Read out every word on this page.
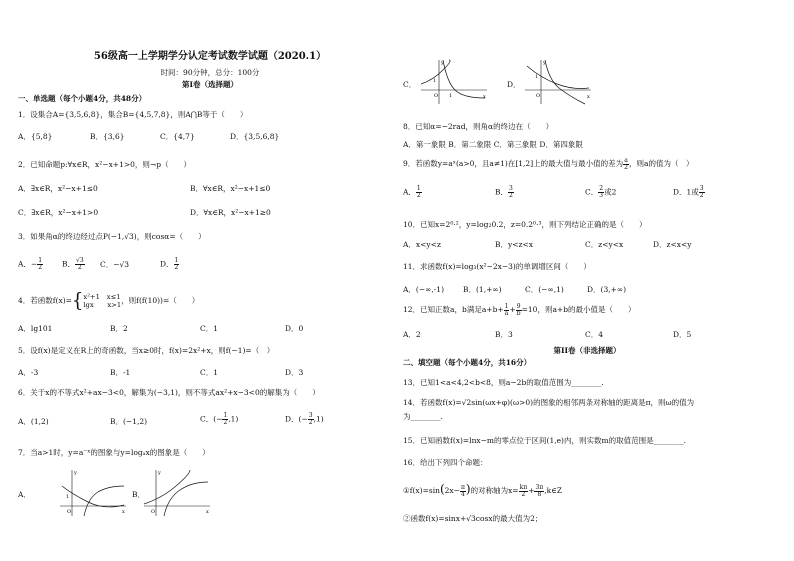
56级高一上学期学分认定考试数学试题（2020.1）
时间：90分钟，总分：100分
第I卷（选择题）
一、单选题（每个小题4分，共48分）
1．设集合A={3,5,6,8}，集合B={4,5,7,8}，则A⋂B等于（　　）
A．{5,8}	B．{3,6}	C．{4,7}	D．{3,5,6,8}
2．已知命题p:∀x∈R，x²−x+1>0，则¬p（　　）
A．∃x∈R，x²−x+1≤0	B．∀x∈R，x²−x+1≤0
C．∃x∈R，x²−x+1>0	D．∀x∈R，x²−x+1≥0
3．如果角α的终边经过点P(−1,√3)，则cosα=（　　）
A．− $\frac{1}{2}$	B． $\frac{√3}{2}$ C．−√3	D． $\frac{1}{2}$
4．若函数f(x)={ x²+1　x≤1
lgx　　x>1 ，则f(f(10))=（　　）
A．lg101	B．2	C．1	D．0
5．设f(x)是定义在R上的奇函数，当x≥0时，f(x)=2x²+x，则f(−1)=（　）
A．-3	B．-1	C．1	D．3
6．关于x的不等式x²+ax−3<0，解集为(−3,1)，则不等式ax²+x−3<0的解集为（　　）
A．(1,2)	B．(−1,2)	C．(− $\frac{1}{2} ,1$)	D．(− $\frac{3}{2} ,1$)
7．当a>1时，y=a⁻ˣ的图象与y=logₐx的图象是（　　）
A．
y
x
O
1	B．
y
x
O
C．
y
x
O
1
1
D．
y
x
O
1
8．已知α=−2rad，则角α的终边在（　　）
A．第一象限 B．第二象限 C．第三象限 D．第四象限
9．若函数y=aˣ(a>0，且a≠1)在[1,2]上的最大值与最小值的差为 $\frac{a}{2}$ ，则a的值为（　）
A． $\frac{1}{2}$	B． $\frac{3}{2}$	C． $\frac{2}{3}$ 或2	D．1或 $\frac{3}{2}$
10．已知x=2⁰·²，y=log₂0.2，z=0.2⁰·³，则下列结论正确的是（　　）
A．x<y<z	B．y<z<x	C．z<y<x	D．z<x<y
11．求函数f(x)=log₃(x²−2x−3)的单调增区间（　　）
A．(−∞,-1)	B．(1,+∞)	C．(−∞,1)	D．(3,+∞)
12．已知正数a，b满足$a+b+ \frac{1}{a} + \frac{9}{b} =10$，则a+b的最小值是（　　）
A．2	B．3	C．4	D．5
第II卷（非选择题）
二、填空题（每个小题4分，共16分）
13．已知1<a<4,2<b<8，则a−2b的取值范围为________.
14．若函数f(x)=√2sin(ωx+φ)(ω>0)的图象的相邻两条对称轴的距离是π，则ω的值为
为________.
15．已知函数f(x)=lnx−m的零点位于区间(1,e)内，则实数m的取值范围是________.
16．给出下列四个命题：
①f(x)=sin(2x− $\frac{\pi}{4}$ )的对称轴为$x= \frac{k\pi}{2} + \frac{3\pi}{8}$ ,k∈Z
②函数f(x)=sinx+√3cosx的最大值为2；
